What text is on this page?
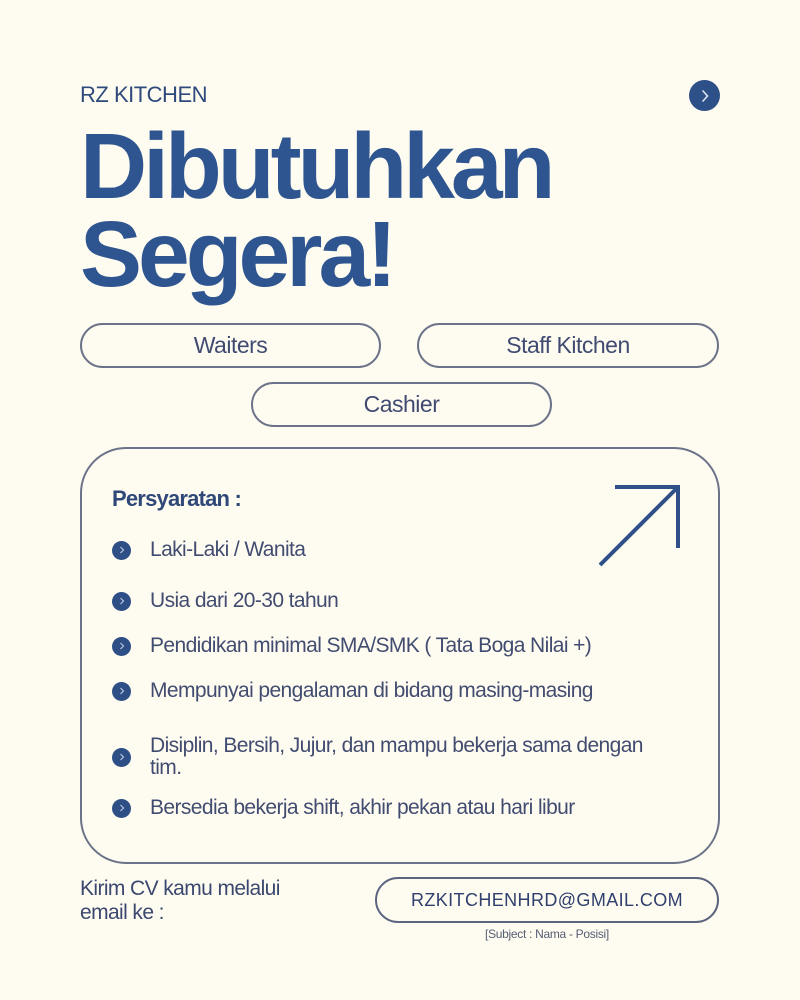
RZ KITCHEN
Dibutuhkan
Segera!
Waiters	Staff Kitchen
Cashier
Persyaratan :
Laki-Laki / Wanita
Usia dari 20-30 tahun
Pendidikan minimal SMA/SMK ( Tata Boga Nilai +)
Mempunyai pengalaman di bidang masing-masing
Disiplin, Bersih, Jujur, dan mampu bekerja sama dengan tim.
Bersedia bekerja shift, akhir pekan atau hari libur
Kirim CV kamu melalui email ke :
RZKITCHENHRD@GMAIL.COM
[Subject : Nama - Posisi]
